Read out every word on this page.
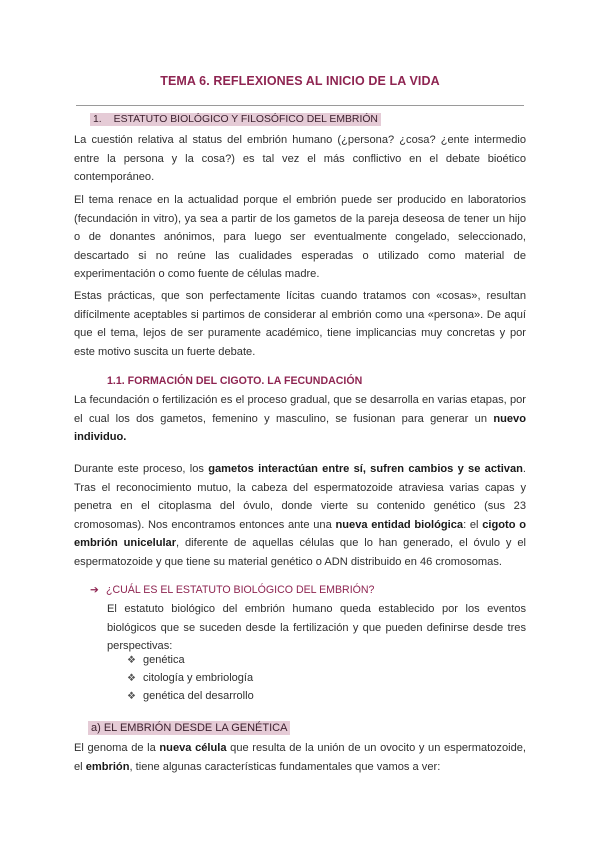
TEMA 6. REFLEXIONES AL INICIO DE LA VIDA
1. ESTATUTO BIOLÓGICO Y FILOSÓFICO DEL EMBRIÓN
La cuestión relativa al status del embrión humano (¿persona? ¿cosa? ¿ente intermedio entre la persona y la cosa?) es tal vez el más conflictivo en el debate bioético contemporáneo.
El tema renace en la actualidad porque el embrión puede ser producido en laboratorios (fecundación in vitro), ya sea a partir de los gametos de la pareja deseosa de tener un hijo o de donantes anónimos, para luego ser eventualmente congelado, seleccionado, descartado si no reúne las cualidades esperadas o utilizado como material de experimentación o como fuente de células madre.
Estas prácticas, que son perfectamente lícitas cuando tratamos con «cosas», resultan difícilmente aceptables si partimos de considerar al embrión como una «persona». De aquí que el tema, lejos de ser puramente académico, tiene implicancias muy concretas y por este motivo suscita un fuerte debate.
1.1. FORMACIÓN DEL CIGOTO. LA FECUNDACIÓN
La fecundación o fertilización es el proceso gradual, que se desarrolla en varias etapas, por el cual los dos gametos, femenino y masculino, se fusionan para generar un nuevo individuo.
Durante este proceso, los gametos interactúan entre sí, sufren cambios y se activan. Tras el reconocimiento mutuo, la cabeza del espermatozoide atraviesa varias capas y penetra en el citoplasma del óvulo, donde vierte su contenido genético (sus 23 cromosomas). Nos encontramos entonces ante una nueva entidad biológica: el cigoto o embrión unicelular, diferente de aquellas células que lo han generado, el óvulo y el espermatozoide y que tiene su material genético o ADN distribuido en 46 cromosomas.
➔ ¿CUÁL ES EL ESTATUTO BIOLÓGICO DEL EMBRIÓN?
El estatuto biológico del embrión humano queda establecido por los eventos biológicos que se suceden desde la fertilización y que pueden definirse desde tres perspectivas:
❖ genética
❖ citología y embriología
❖ genética del desarrollo
a) EL EMBRIÓN DESDE LA GENÉTICA
El genoma de la nueva célula que resulta de la unión de un ovocito y un espermatozoide, el embrión, tiene algunas características fundamentales que vamos a ver:
